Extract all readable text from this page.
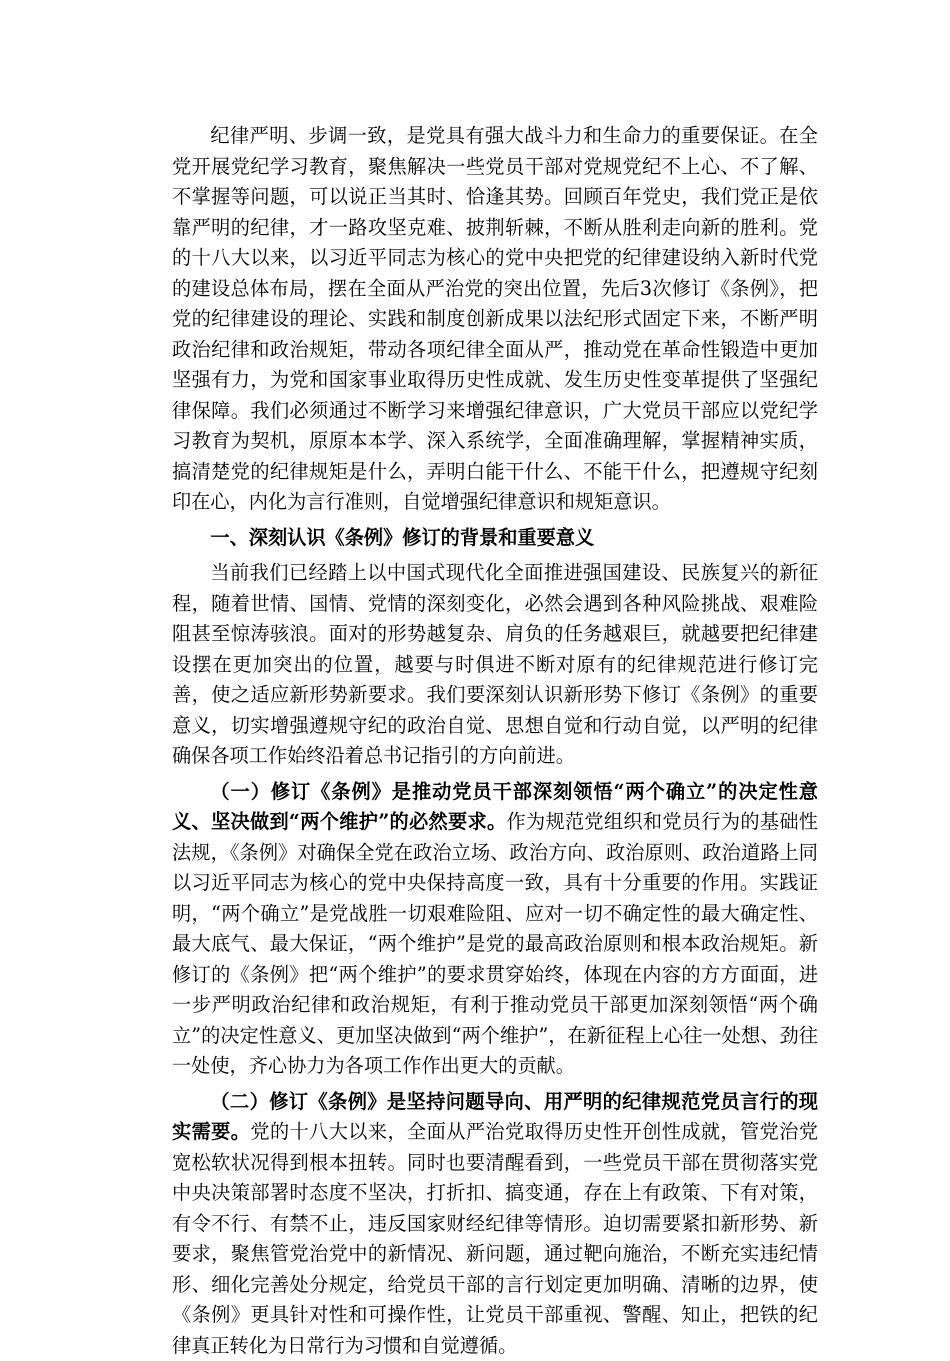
纪律严明、步调一致，是党具有强大战斗力和生命力的重要保证。在全党开展党纪学习教育，聚焦解决一些党员干部对党规党纪不上心、不了解、不掌握等问题，可以说正当其时、恰逢其势。回顾百年党史，我们党正是依靠严明的纪律，才一路攻坚克难、披荆斩棘，不断从胜利走向新的胜利。党的十八大以来，以习近平同志为核心的党中央把党的纪律建设纳入新时代党的建设总体布局，摆在全面从严治党的突出位置，先后3次修订《条例》，把党的纪律建设的理论、实践和制度创新成果以法纪形式固定下来，不断严明政治纪律和政治规矩，带动各项纪律全面从严，推动党在革命性锻造中更加坚强有力，为党和国家事业取得历史性成就、发生历史性变革提供了坚强纪律保障。我们必须通过不断学习来增强纪律意识，广大党员干部应以党纪学习教育为契机，原原本本学、深入系统学，全面准确理解，掌握精神实质，搞清楚党的纪律规矩是什么，弄明白能干什么、不能干什么，把遵规守纪刻印在心，内化为言行准则，自觉增强纪律意识和规矩意识。

一、深刻认识《条例》修订的背景和重要意义

当前我们已经踏上以中国式现代化全面推进强国建设、民族复兴的新征程，随着世情、国情、党情的深刻变化，必然会遇到各种风险挑战、艰难险阻甚至惊涛骇浪。面对的形势越复杂、肩负的任务越艰巨，就越要把纪律建设摆在更加突出的位置，越要与时俱进不断对原有的纪律规范进行修订完善，使之适应新形势新要求。我们要深刻认识新形势下修订《条例》的重要意义，切实增强遵规守纪的政治自觉、思想自觉和行动自觉，以严明的纪律确保各项工作始终沿着总书记指引的方向前进。

（一）修订《条例》是推动党员干部深刻领悟“两个确立”的决定性意义、坚决做到“两个维护”的必然要求。作为规范党组织和党员行为的基础性法规，《条例》对确保全党在政治立场、政治方向、政治原则、政治道路上同以习近平同志为核心的党中央保持高度一致，具有十分重要的作用。实践证明，“两个确立”是党战胜一切艰难险阻、应对一切不确定性的最大确定性、最大底气、最大保证，“两个维护”是党的最高政治原则和根本政治规矩。新修订的《条例》把“两个维护”的要求贯穿始终，体现在内容的方方面面，进一步严明政治纪律和政治规矩，有利于推动党员干部更加深刻领悟“两个确立”的决定性意义、更加坚决做到“两个维护”，在新征程上心往一处想、劲往一处使，齐心协力为各项工作作出更大的贡献。

（二）修订《条例》是坚持问题导向、用严明的纪律规范党员言行的现实需要。党的十八大以来，全面从严治党取得历史性开创性成就，管党治党宽松软状况得到根本扭转。同时也要清醒看到，一些党员干部在贯彻落实党中央决策部署时态度不坚决，打折扣、搞变通，存在上有政策、下有对策，有令不行、有禁不止，违反国家财经纪律等情形。迫切需要紧扣新形势、新要求，聚焦管党治党中的新情况、新问题，通过靶向施治，不断充实违纪情形、细化完善处分规定，给党员干部的言行划定更加明确、清晰的边界，使《条例》更具针对性和可操作性，让党员干部重视、警醒、知止，把铁的纪律真正转化为日常行为习惯和自觉遵循。
